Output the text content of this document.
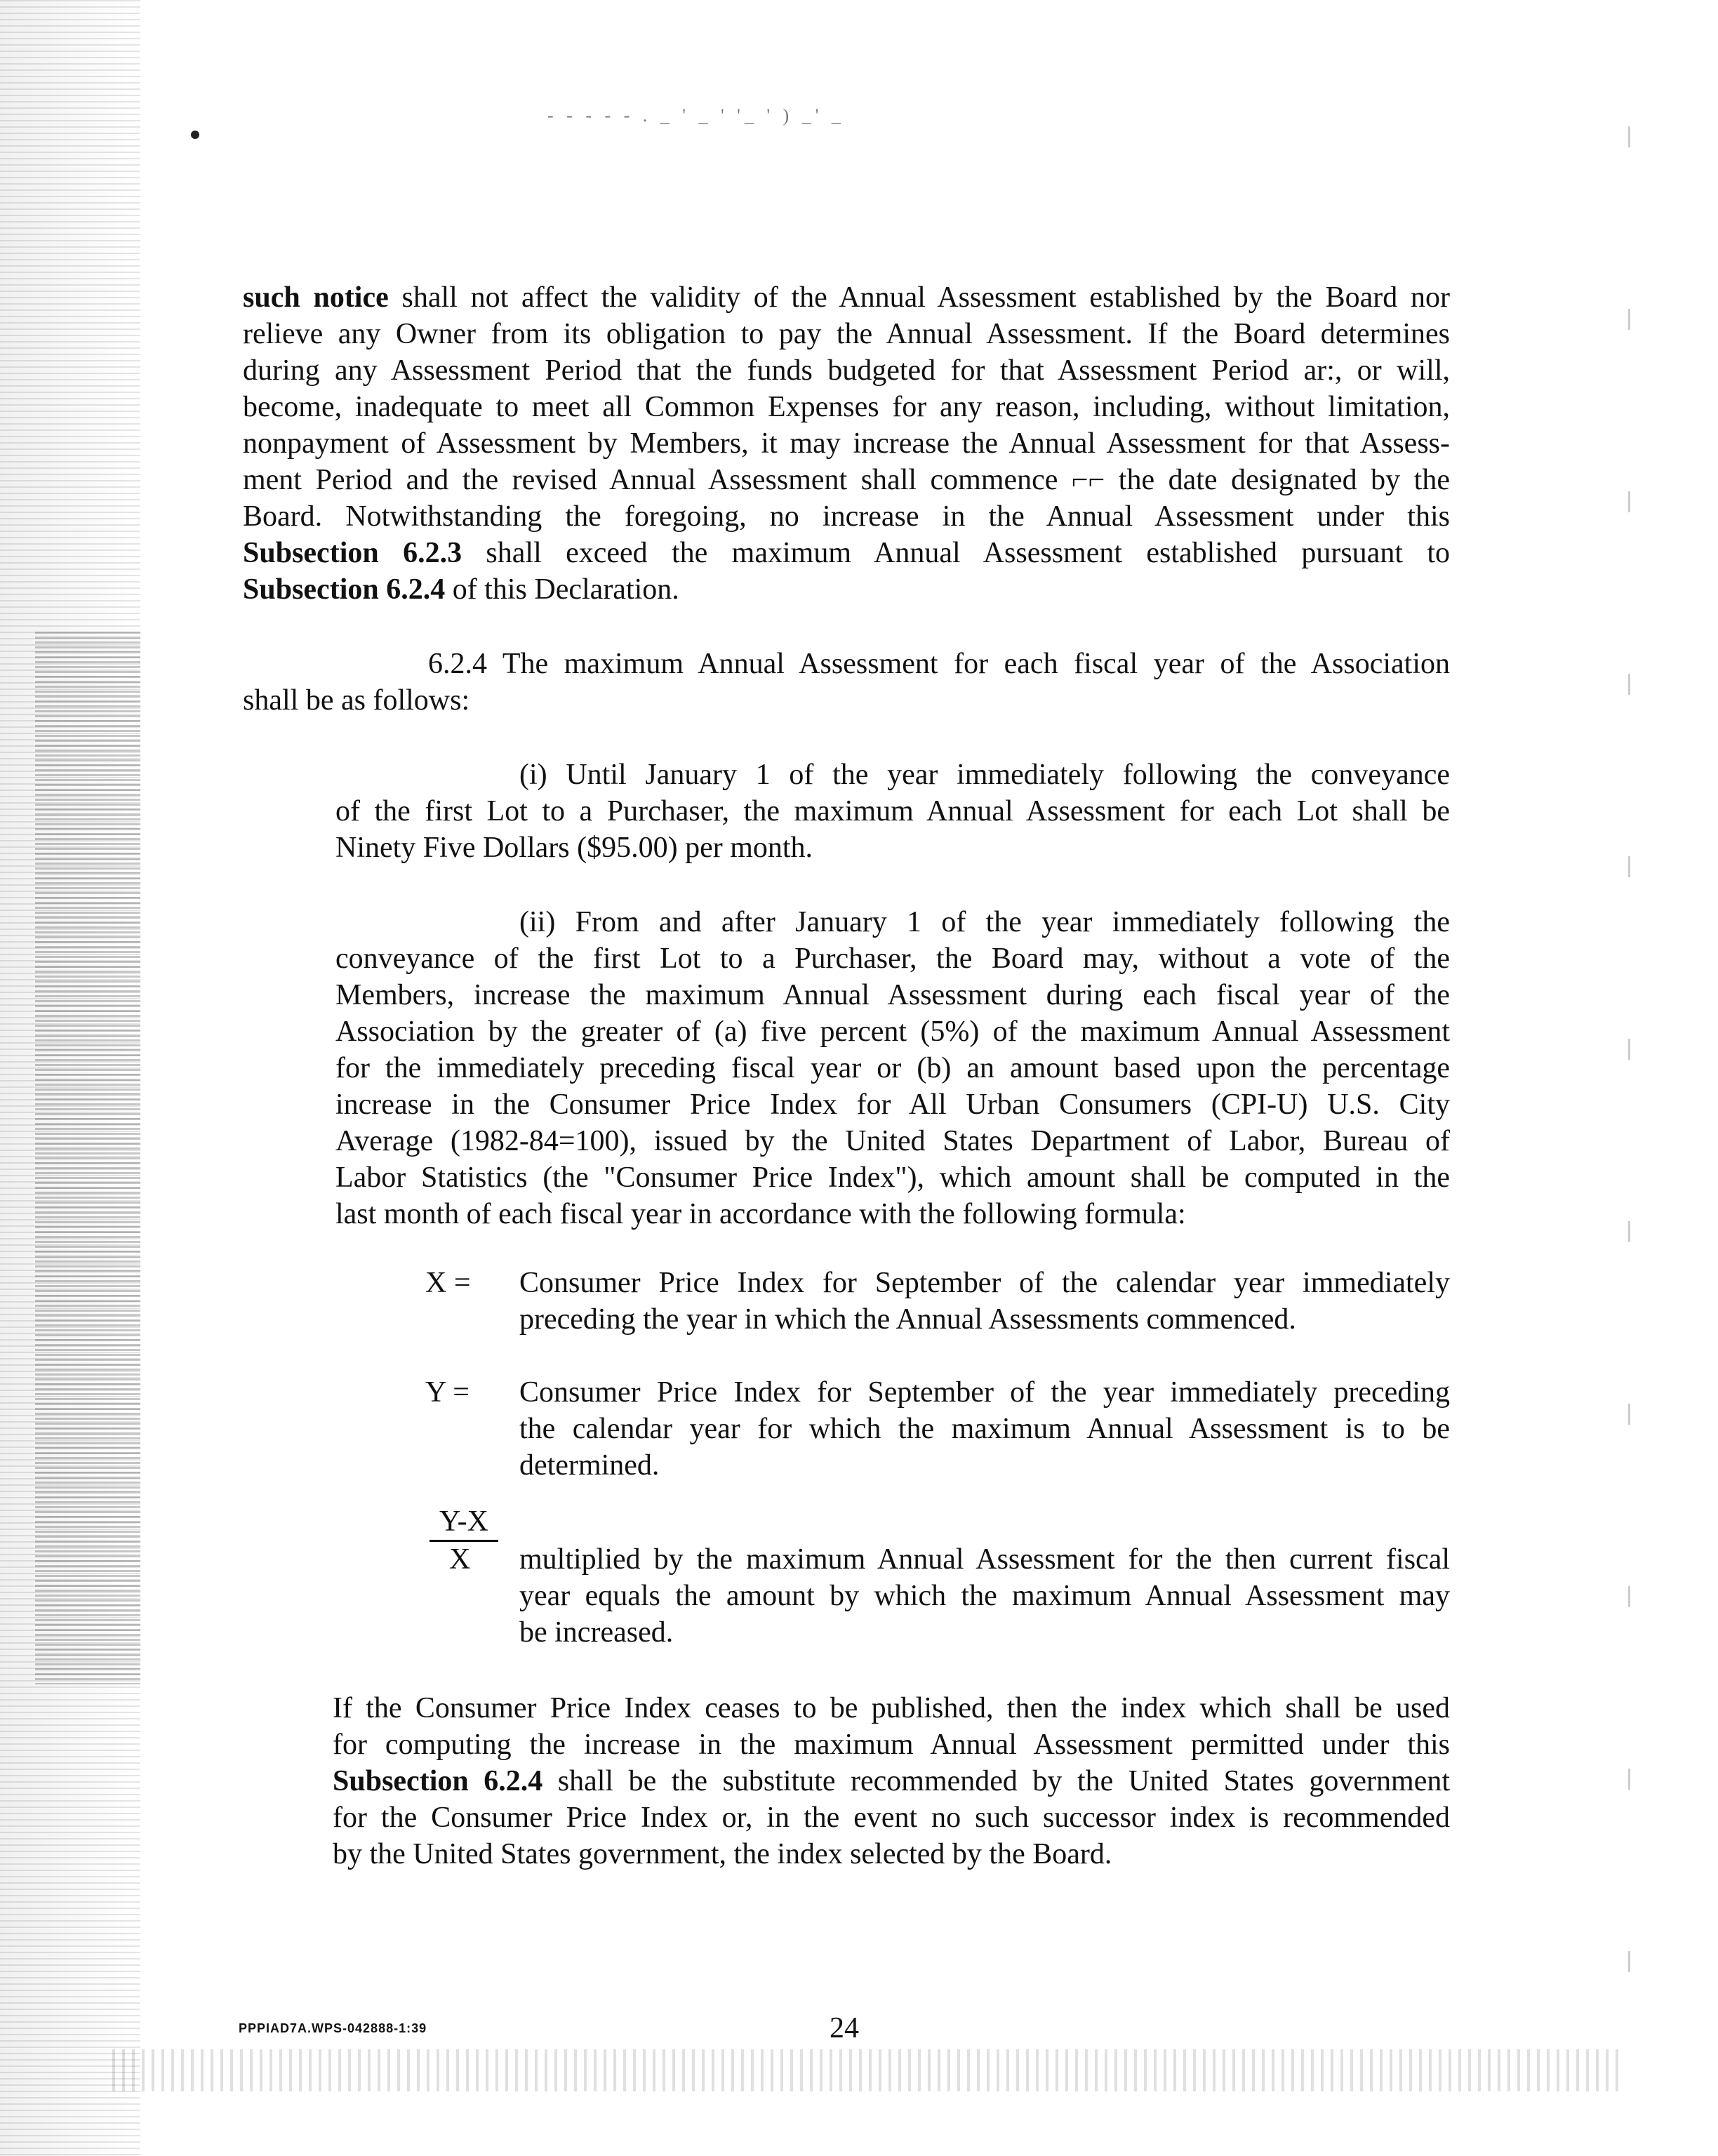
- - - - - . _ ' _ ' '_ ' ) _' _
such notice shall not affect the validity of the Annual Assessment established by the Board nor
relieve any Owner from its obligation to pay the Annual Assessment. If the Board determines
during any Assessment Period that the funds budgeted for that Assessment Period ar:, or will,
become, inadequate to meet all Common Expenses for any reason, including, without limitation,
nonpayment of Assessment by Members, it may increase the Annual Assessment for that Assess-
ment Period and the revised Annual Assessment shall commence ⌐⌐ the date designated by the
Board. Notwithstanding the foregoing, no increase in the Annual Assessment under this
Subsection 6.2.3 shall exceed the maximum Annual Assessment established pursuant to
Subsection 6.2.4 of this Declaration.
6.2.4 The maximum Annual Assessment for each fiscal year of the Association
shall be as follows:
(i) Until January 1 of the year immediately following the conveyance
of the first Lot to a Purchaser, the maximum Annual Assessment for each Lot shall be
Ninety Five Dollars ($95.00) per month.
(ii) From and after January 1 of the year immediately following the
conveyance of the first Lot to a Purchaser, the Board may, without a vote of the
Members, increase the maximum Annual Assessment during each fiscal year of the
Association by the greater of (a) five percent (5%) of the maximum Annual Assessment
for the immediately preceding fiscal year or (b) an amount based upon the percentage
increase in the Consumer Price Index for All Urban Consumers (CPI-U) U.S. City
Average (1982-84=100), issued by the United States Department of Labor, Bureau of
Labor Statistics (the "Consumer Price Index"), which amount shall be computed in the
last month of each fiscal year in accordance with the following formula:
X = Consumer Price Index for September of the calendar year immediately
preceding the year in which the Annual Assessments commenced.
Y = Consumer Price Index for September of the year immediately preceding
the calendar year for which the maximum Annual Assessment is to be
determined.
Y-X
X multiplied by the maximum Annual Assessment for the then current fiscal
year equals the amount by which the maximum Annual Assessment may
be increased.
If the Consumer Price Index ceases to be published, then the index which shall be used
for computing the increase in the maximum Annual Assessment permitted under this
Subsection 6.2.4 shall be the substitute recommended by the United States government
for the Consumer Price Index or, in the event no such successor index is recommended
by the United States government, the index selected by the Board.
PPPIAD7A.WPS-042888-1:39	24
